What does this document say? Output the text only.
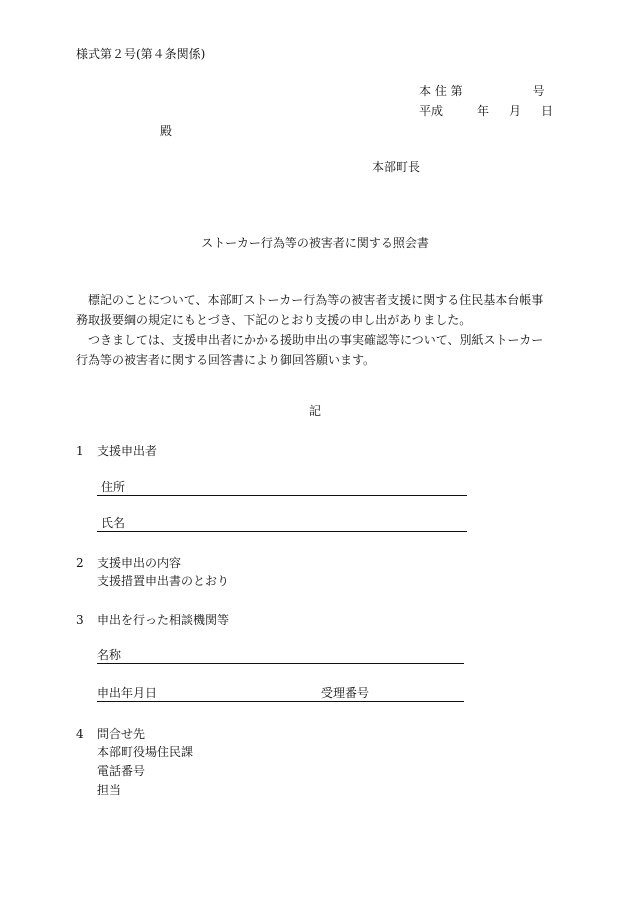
様式第２号(第４条関係)
本 住 第	号
平成	年 月 日
殿
本部町長
ストーカー行為等の被害者に関する照会書
標記のことについて、本部町ストーカー行為等の被害者支援に関する住民基本台帳事務取扱要綱の規定にもとづき、下記のとおり支援の申し出がありました。
つきましては、支援申出者にかかる援助申出の事実確認等について、別紙ストーカー行為等の被害者に関する回答書により御回答願います。
記
1 支援申出者
住所
氏名
2 支援申出の内容
支援措置申出書のとおり
3 申出を行った相談機関等
名称
申出年月日	受理番号
4 問合せ先
本部町役場住民課
電話番号
担当
